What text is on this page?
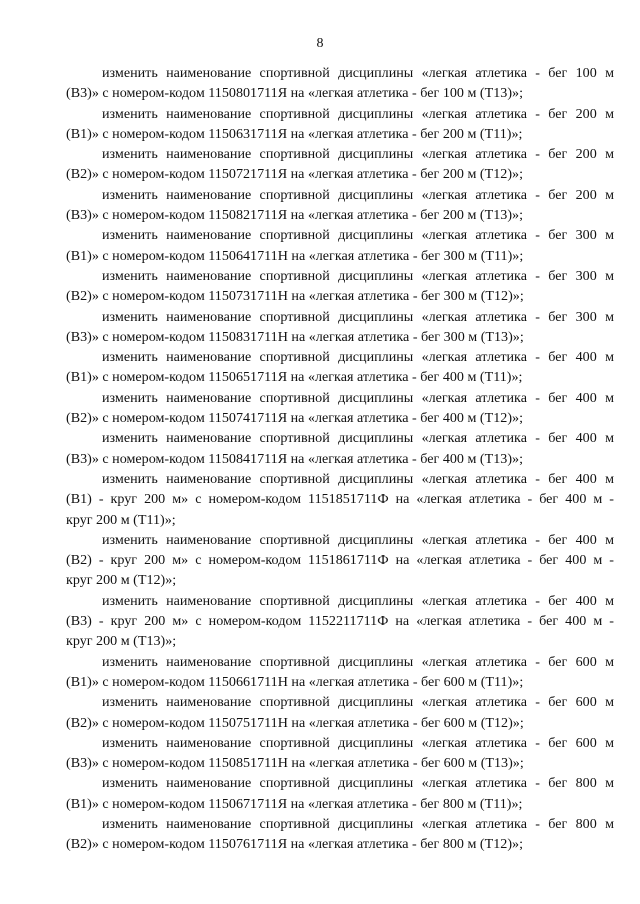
8
изменить наименование спортивной дисциплины «легкая атлетика - бег 100 м
(В3)» с номером-кодом 1150801711Я на «легкая атлетика - бег 100 м (Т13)»;
изменить наименование спортивной дисциплины «легкая атлетика - бег 200 м
(В1)» с номером-кодом 1150631711Я на «легкая атлетика - бег 200 м (Т11)»;
изменить наименование спортивной дисциплины «легкая атлетика - бег 200 м
(В2)» с номером-кодом 1150721711Я на «легкая атлетика - бег 200 м (Т12)»;
изменить наименование спортивной дисциплины «легкая атлетика - бег 200 м
(В3)» с номером-кодом 1150821711Я на «легкая атлетика - бег 200 м (Т13)»;
изменить наименование спортивной дисциплины «легкая атлетика - бег 300 м
(В1)» с номером-кодом 1150641711Н на «легкая атлетика - бег 300 м (Т11)»;
изменить наименование спортивной дисциплины «легкая атлетика - бег 300 м
(В2)» с номером-кодом 1150731711Н на «легкая атлетика - бег 300 м (Т12)»;
изменить наименование спортивной дисциплины «легкая атлетика - бег 300 м
(В3)» с номером-кодом 1150831711Н на «легкая атлетика - бег 300 м (Т13)»;
изменить наименование спортивной дисциплины «легкая атлетика - бег 400 м
(В1)» с номером-кодом 1150651711Я на «легкая атлетика - бег 400 м (Т11)»;
изменить наименование спортивной дисциплины «легкая атлетика - бег 400 м
(В2)» с номером-кодом 1150741711Я на «легкая атлетика - бег 400 м (Т12)»;
изменить наименование спортивной дисциплины «легкая атлетика - бег 400 м
(В3)» с номером-кодом 1150841711Я на «легкая атлетика - бег 400 м (Т13)»;
изменить наименование спортивной дисциплины «легкая атлетика - бег 400 м
(В1) - круг 200 м» с номером-кодом 1151851711Ф на «легкая атлетика - бег 400 м -
круг 200 м (Т11)»;
изменить наименование спортивной дисциплины «легкая атлетика - бег 400 м
(В2) - круг 200 м» с номером-кодом 1151861711Ф на «легкая атлетика - бег 400 м -
круг 200 м (Т12)»;
изменить наименование спортивной дисциплины «легкая атлетика - бег 400 м
(В3) - круг 200 м» с номером-кодом 1152211711Ф на «легкая атлетика - бег 400 м -
круг 200 м (Т13)»;
изменить наименование спортивной дисциплины «легкая атлетика - бег 600 м
(В1)» с номером-кодом 1150661711Н на «легкая атлетика - бег 600 м (Т11)»;
изменить наименование спортивной дисциплины «легкая атлетика - бег 600 м
(В2)» с номером-кодом 1150751711Н на «легкая атлетика - бег 600 м (Т12)»;
изменить наименование спортивной дисциплины «легкая атлетика - бег 600 м
(В3)» с номером-кодом 1150851711Н на «легкая атлетика - бег 600 м (Т13)»;
изменить наименование спортивной дисциплины «легкая атлетика - бег 800 м
(В1)» с номером-кодом 1150671711Я на «легкая атлетика - бег 800 м (Т11)»;
изменить наименование спортивной дисциплины «легкая атлетика - бег 800 м
(В2)» с номером-кодом 1150761711Я на «легкая атлетика - бег 800 м (Т12)»;
